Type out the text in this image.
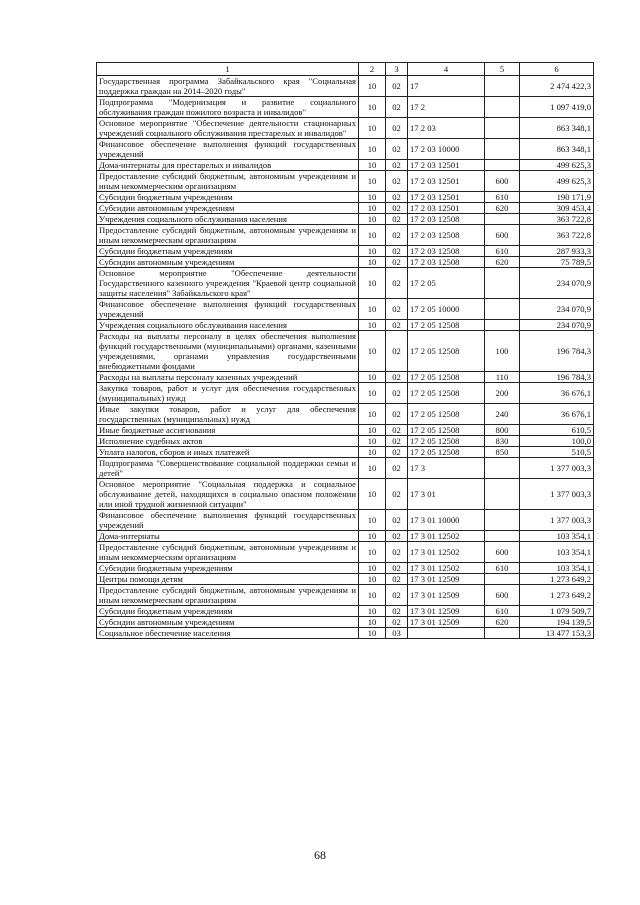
1	2	3	4	5	6
Государственная программа Забайкальского края "Социальная поддержка граждан на 2014–2020 годы"	10	02	17		2 474 422,3
Подпрограмма "Модернизация и развитие социального обслуживания граждан пожилого возраста и инвалидов"	10	02	17 2		1 097 419,0
Основное мероприятие "Обеспечение деятельности стационарных учреждений социального обслуживания престарелых и инвалидов"	10	02	17 2 03		863 348,1
Финансовое обеспечение выполнения функций государственных учреждений	10	02	17 2 03 10000		863 348,1
Дома-интернаты для престарелых и инвалидов	10	02	17 2 03 12501		499 625,3
Предоставление субсидий бюджетным, автономным учреждениям и иным некоммерческим организациям	10	02	17 2 03 12501	600	499 625,3
Субсидии бюджетным учреждениям	10	02	17 2 03 12501	610	190 171,9
Субсидии автономным учреждениям	10	02	17 2 03 12501	620	309 453,4
Учреждения социального обслуживания населения	10	02	17 2 03 12508		363 722,8
Предоставление субсидий бюджетным, автономным учреждениям и иным некоммерческим организациям	10	02	17 2 03 12508	600	363 722,8
Субсидии бюджетным учреждениям	10	02	17 2 03 12508	610	287 933,3
Субсидии автономным учреждениям	10	02	17 2 03 12508	620	75 789,5
Основное мероприятие "Обеспечение деятельности Государственного казенного учреждения "Краевой центр социальной защиты населения" Забайкальского края"	10	02	17 2 05		234 070,9
Финансовое обеспечение выполнения функций государственных учреждений	10	02	17 2 05 10000		234 070,9
Учреждения социального обслуживания населения	10	02	17 2 05 12508		234 070,9
Расходы на выплаты персоналу в целях обеспечения выполнения функций государственными (муниципальными) органами, казенными учреждениями, органами управления государственными внебюджетными фондами	10	02	17 2 05 12508	100	196 784,3
Расходы на выплаты персоналу казенных учреждений	10	02	17 2 05 12508	110	196 784,3
Закупка товаров, работ и услуг для обеспечения государственных (муниципальных) нужд	10	02	17 2 05 12508	200	36 676,1
Иные закупки товаров, работ и услуг для обеспечения государственных (муниципальных) нужд	10	02	17 2 05 12508	240	36 676,1
Иные бюджетные ассигнования	10	02	17 2 05 12508	800	610,5
Исполнение судебных актов	10	02	17 2 05 12508	830	100,0
Уплата налогов, сборов и иных платежей	10	02	17 2 05 12508	850	510,5
Подпрограмма "Совершенствование социальной поддержки семьи и детей"	10	02	17 3		1 377 003,3
Основное мероприятие "Социальная поддержка и социальное обслуживание детей, находящихся в социально опасном положении или иной трудной жизненной ситуации"	10	02	17 3 01		1 377 003,3
Финансовое обеспечение выполнения функций государственных учреждений	10	02	17 3 01 10000		1 377 003,3
Дома-интернаты	10	02	17 3 01 12502		103 354,1
Предоставление субсидий бюджетным, автономным учреждениям и иным некоммерческим организациям	10	02	17 3 01 12502	600	103 354,1
Субсидии бюджетным учреждениям	10	02	17 3 01 12502	610	103 354,1
Центры помощи детям	10	02	17 3 01 12509		1 273 649,2
Предоставление субсидий бюджетным, автономным учреждениям и иным некоммерческим организациям	10	02	17 3 01 12509	600	1 273 649,2
Субсидии бюджетным учреждениям	10	02	17 3 01 12509	610	1 079 509,7
Субсидии автономным учреждениям	10	02	17 3 01 12509	620	194 139,5
Социальное обеспечение населения	10	03			13 477 153,3
68
